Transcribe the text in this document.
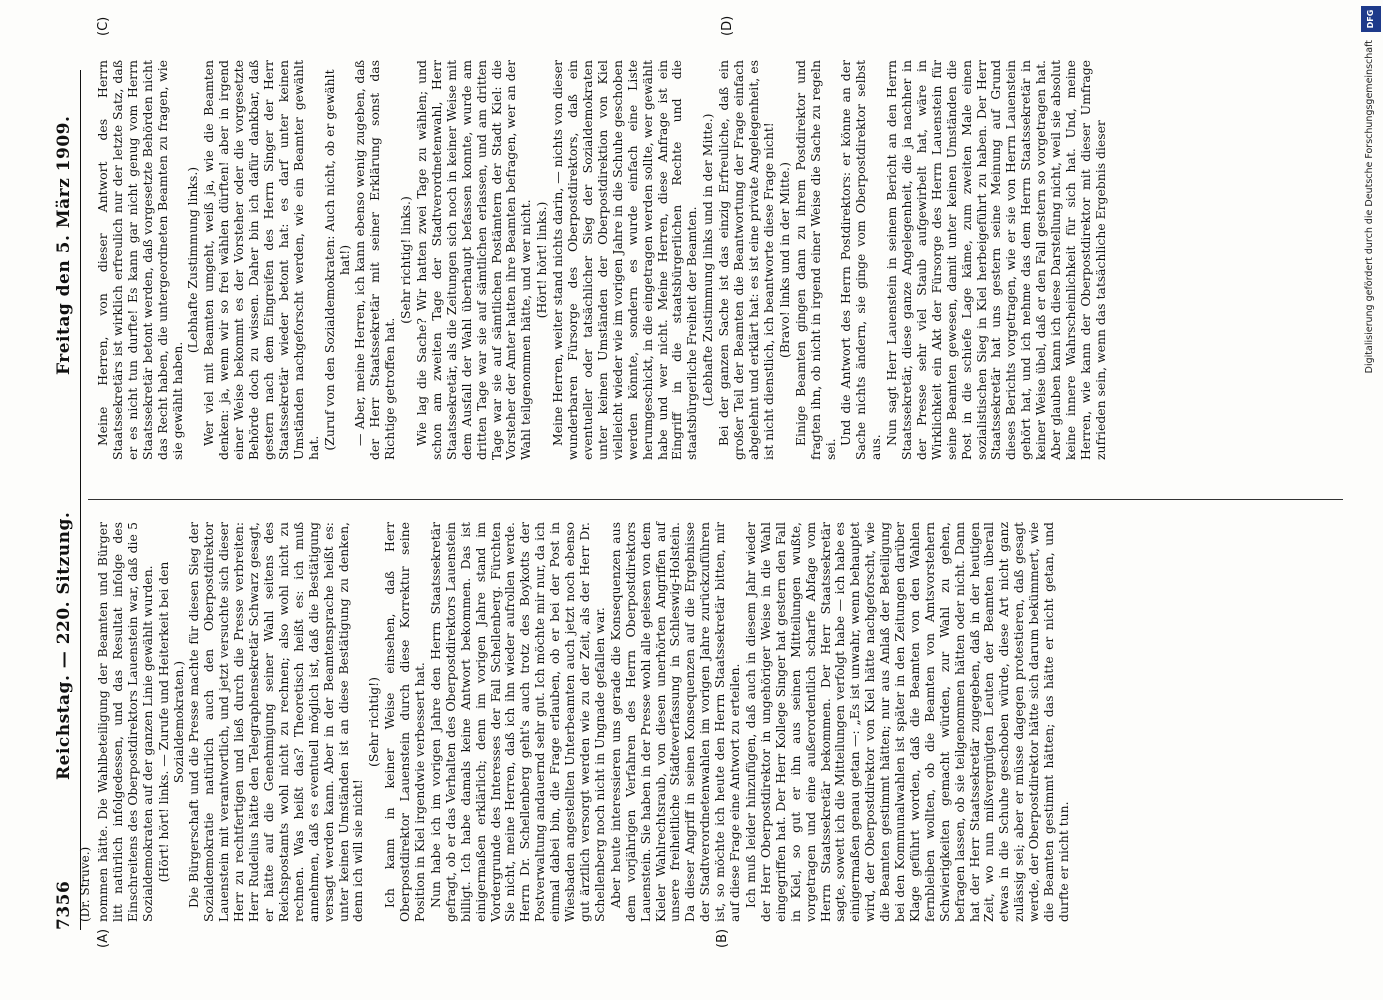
7356
Reichstag. — 220. Sitzung.
Freitag den 5. März 1909.
(Dr. Struve.)
(A)	(B)
(C)	(D)

nommen hätte. Die Wahlbeteiligung der Beamten und Bürger litt natürlich infolgedessen, und das Resultat infolge des Einschreitens des Oberpostdirektors Lauenstein war, daß die 5 Sozialdemokraten auf der ganzen Linie gewählt wurden. (Hört! hört! links. — Zurufe und Heiterkeit bei den Sozialdemokraten.) Die Bürgerschaft und die Presse machte für diesen Sieg der Sozialdemokratie natürlich auch den Oberpostdirektor Lauenstein mit verantwortlich, und jetzt versuchte sich dieser Herr zu rechtfertigen und ließ durch die Presse verbreiten: Herr Rudelius hätte den Telegraphensekretär Schwarz gesagt, er hätte auf die Genehmigung seiner Wahl seitens des Reichspostamts wohl nicht zu rechnen; also wohl nicht zu rechnen. Was heißt das? Theoretisch heißt es: ich muß annehmen, daß es eventuell möglich ist, daß die Bestätigung versagt werden kann. Aber in der Beamtensprache heißt es: unter keinen Umständen ist an diese Bestätigung zu denken, denn ich will sie nicht!

(Sehr richtig!) Ich kann in keiner Weise einsehen, daß Herr Oberpostdirektor Lauenstein durch diese Korrektur seine Position in Kiel irgendwie verbessert hat. Nun habe ich im vorigen Jahre den Herrn Staatssekretär gefragt, ob er das Verhalten des Oberpostdirektors Lauenstein billigt. Ich habe damals keine Antwort bekommen. Das ist einigermaßen erklärlich; denn im vorigen Jahre stand im Vordergrunde des Interesses der Fall Schellenberg. Fürchten Sie nicht, meine Herren, daß ich ihn wieder aufrollen werde. Herrn Dr. Schellenberg geht's auch trotz des Boykotts der Postverwaltung andauernd sehr gut. Ich möchte mir nur, da ich einmal dabei bin, die Frage erlauben, ob er bei der Post in Wiesbaden angestellten Unterbeamten auch jetzt noch ebenso gut ärztlich versorgt werden wie zu der Zeit, als der Herr Dr. Schellenberg noch nicht in Ungnade gefallen war. Aber heute interessieren uns gerade die Konsequenzen aus dem vorjährigen Verfahren des Herrn Oberpostdirektors Lauenstein. Sie haben in der Presse wohl alle gelesen von dem Kieler Wahlrechtsraub, von diesen unerhörten Angriffen auf unsere freiheitliche Städteverfassung in Schleswig-Holstein. Da dieser Angriff in seinen Konsequenzen auf die Ergebnisse der Stadtverordnetenwahlen im vorigen Jahre zurückzuführen ist, so möchte ich heute den Herrn Staatssekretär bitten, mir auf diese Frage eine Antwort zu erteilen. Ich muß leider hinzufügen, daß auch in diesem Jahr wieder der Herr Oberpostdirektor in ungehöriger Weise in die Wahl eingegriffen hat. Der Herr Kollege Singer hat gestern den Fall in Kiel, so gut er ihn aus seinen Mitteilungen wußte, vorgetragen und eine außerordentlich scharfe Abfage vom Herrn Staatssekretär bekommen. Der Herr Staatssekretär sagte, sowett ich die Mitteilungen verfolgt habe — ich habe es einigermaßen genau getan —: „Es ist unwahr, wenn behauptet wird, der Oberpostdirektor von Kiel hätte nachgeforscht, wie die Beamten gestimmt hätten; nur aus Anlaß der Beteiligung bei den Kommunalwahlen ist später in den Zeitungen darüber Klage geführt worden, daß die Beamten von den Wahlen fernbleiben wollten, ob die Beamten von Amtsvorstehern Schwierigkeiten gemacht würden, zur Wahl zu gehen, befragen lassen, ob sie teilgenommen hätten oder nicht. Dann hat der Herr Staatssekretär zugegeben, daß in der heutigen Zeit, wo nun mißvergnügten Leuten der Beamten überall etwas in die Schuhe geschoben würde, diese Art nicht ganz zulässig sei; aber er müsse dagegen protestieren, daß gesagt werde, der Oberpostdirektor hätte sich darum bekümmert, wie die Beamten gestimmt hätten; das hätte er nicht getan, und durfte er nicht tun.

Meine Herren, von dieser Antwort des Herrn Staatssekretärs ist wirklich erfreulich nur der letzte Satz, daß er es nicht tun durfte! Es kann gar nicht genug vom Herrn Staatssekretär betont werden, daß vorgesetzte Behörden nicht das Recht haben, die untergeordneten Beamten zu fragen, wie sie gewählt haben.

(Lebhafte Zustimmung links.) Wer viel mit Beamten umgeht, weiß ja, wie die Beamten denken: ja, wenn wir so frei wählen dürften! aber in irgend einer Weise bekommt es der Vorsteher oder die vorgesetzte Behörde doch zu wissen. Daher bin ich dafür dankbar, daß gestern nach dem Eingreifen des Herrn Singer der Herr Staatssekretär wieder betont hat: es darf unter keinen Umständen nachgeforscht werden, wie ein Beamter gewählt hat. (Zuruf von den Sozialdemokraten: Auch nicht, ob er gewählt hat!) — Aber, meine Herren, ich kann ebenso wenig zugeben, daß der Herr Staatssekretär mit seiner Erklärung sonst das Richtige getroffen hat.

(Sehr richtig! links.) Wie lag die Sache? Wir hatten zwei Tage zu wählen; und schon am zweiten Tage der Stadtverordnetenwahl, Herr Staatssekretär, als die Zeitungen sich noch in keiner Weise mit dem Ausfall der Wahl überhaupt befassen konnte, wurde am dritten Tage war sie auf sämtlichen erlassen, und am dritten Tage war sie auf sämtlichen Postämtern der Stadt Kiel: die Vorsteher der Amter hatten ihre Beamten befragen, wer an der Wahl teilgenommen hätte, und wer nicht. (Hört! hört! links.) Meine Herren, weiter stand nichts darin, — nichts von dieser wunderbaren Fürsorge des Oberpostdirektors, daß ein eventueller oder tatsächlicher Sieg der Sozialdemokraten unter keinen Umständen der Oberpostdirektion von Kiel vielleicht wieder wie im vorigen Jahre in die Schuhe geschoben werden könnte, sondern es wurde einfach eine Liste herumgeschickt, in die eingetragen werden sollte, wer gewählt habe und wer nicht. Meine Herren, diese Anfrage ist ein Eingriff in die staatsbürgerlichen Rechte und die staatsbürgerliche Freiheit der Beamten. (Lebhafte Zustimmung links und in der Mitte.) Bei der ganzen Sache ist das einzig Erfreuliche, daß ein großer Teil der Beamten die Beantwortung der Frage einfach abgelehnt und erklärt hat: es ist eine private Angelegenheit, es ist nicht dienstlich, ich beantworte diese Frage nicht! (Bravo! links und in der Mitte.) Einige Beamten gingen dann zu ihrem Postdirektor und fragten ihn, ob nicht in irgend einer Weise die Sache zu regeln sei.

Und die Antwort des Herrn Postdirektors: er könne an der Sache nichts ändern, sie ginge vom Oberpostdirektor selbst aus.

Nun sagt Herr Lauenstein in seinem Bericht an den Herrn Staatssekretär, diese ganze Angelegenheit, die ja nachher in der Presse sehr viel Staub aufgewirbelt hat, wäre in Wirklichkeit ein Akt der Fürsorge des Herrn Lauenstein für seine Beamten gewesen, damit unter keinen Umständen die Post in die schiefe Lage käme, zum zweiten Male einen sozialistischen Sieg in Kiel herbeigeführt zu haben. Der Herr Staatssekretär hat uns gestern seine Meinung auf Grund dieses Berichts vorgetragen, wie er sie von Herrn Lauenstein gehört hat, und ich nehme das dem Herrn Staatssekretär in keiner Weise übel, daß er den Fall gestern so vorgetragen hat. Aber glauben kann ich diese Darstellung nicht, weil sie absolut keine innere Wahrscheinlichkeit für sich hat. Und, meine Herren, wie kann der Oberpostdirektor mit dieser Umfrage zufrieden sein, wenn das tatsächliche Ergebnis dieser	Digitalisierung gefördert durch die Deutsche Forschungsgemeinschaft
DFG
